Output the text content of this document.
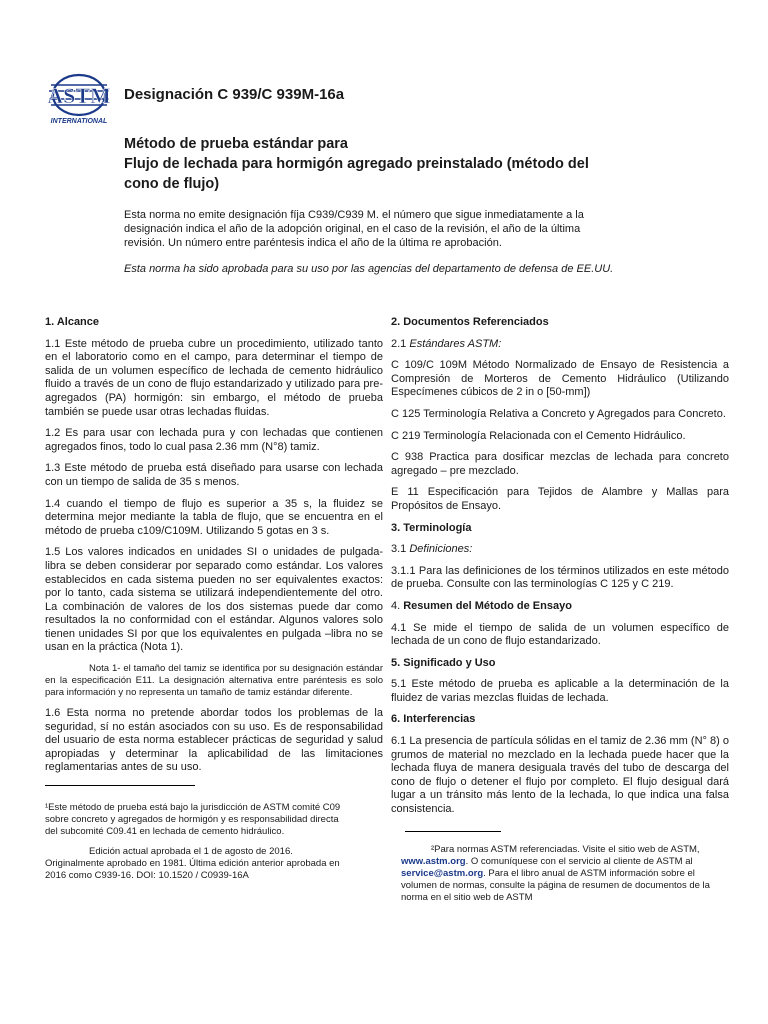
ASTM
INTERNATIONAL
Designación C 939/C 939M-16a
Método de prueba estándar para
Flujo de lechada para hormigón agregado preinstalado (método del cono de flujo)
Esta norma no emite designación fíja C939/C939 M. el número que sigue inmediatamente a la designación indica el año de la adopción original, en el caso de la revisión, el año de la última revisión. Un número entre paréntesis indica el año de la última re aprobación.
Esta norma ha sido aprobada para su uso por las agencias del departamento de defensa de EE.UU.
1. Alcance

1.1 Este método de prueba cubre un procedimiento, utilizado tanto en el laboratorio como en el campo, para determinar el tiempo de salida de un volumen específico de lechada de cemento hidráulico fluido a través de un cono de flujo estandarizado y utilizado para pre-agregados (PA) hormigón: sin embargo, el método de prueba también se puede usar otras lechadas fluidas.

1.2 Es para usar con lechada pura y con lechadas que contienen agregados finos, todo lo cual pasa 2.36 mm (N°8) tamiz.

1.3 Este método de prueba está diseñado para usarse con lechada con un tiempo de salida de 35 s menos.

1.4 cuando el tiempo de flujo es superior a 35 s, la fluidez se determina mejor mediante la tabla de flujo, que se encuentra en el método de prueba c109/C109M. Utilizando 5 gotas en 3 s.

1.5 Los valores indicados en unidades SI o unidades de pulgada-libra se deben considerar por separado como estándar. Los valores establecidos en cada sistema pueden no ser equivalentes exactos: por lo tanto, cada sistema se utilizará independientemente del otro. La combinación de valores de los dos sistemas puede dar como resultados la no conformidad con el estándar. Algunos valores solo tienen unidades SI por que los equivalentes en pulgada –libra no se usan en la práctica (Nota 1).

Nota 1- el tamaño del tamiz se identifica por su designación estándar en la especificación E11. La designación alternativa entre paréntesis es solo para información y no representa un tamaño de tamiz estándar diferente.

1.6 Esta norma no pretende abordar todos los problemas de la seguridad, sí no están asociados con su uso. Es de responsabilidad del usuario de esta norma establecer prácticas de seguridad y salud apropiadas y determinar la aplicabilidad de las limitaciones reglamentarias antes de su uso.

¹Este método de prueba está bajo la jurisdicción de ASTM comité C09 sobre concreto y agregados de hormigón y es responsabilidad directa del subcomité C09.41 en lechada de cemento hidráulico.
Edición actual aprobada el 1 de agosto de 2016. Originalmente aprobado en 1981. Última edición anterior aprobada en 2016 como C939-16. DOI: 10.1520 / C0939-16A
2. Documentos Referenciados

2.1 Estándares ASTM:

C 109/C 109M Método Normalizado de Ensayo de Resistencia a Compresión de Morteros de Cemento Hidráulico (Utilizando Especímenes cúbicos de 2 in o [50-mm])

C 125 Terminología Relativa a Concreto y Agregados para Concreto.

C 219 Terminología Relacionada con el Cemento Hidráulico.

C 938 Practica para dosificar mezclas de lechada para concreto agregado – pre mezclado.

E 11 Especificación para Tejidos de Alambre y Mallas para Propósitos de Ensayo.

3. Terminología

3.1 Definiciones:

3.1.1 Para las definiciones de los términos utilizados en este método de prueba. Consulte con las terminologías C 125 y C 219.

4. Resumen del Método de Ensayo

4.1 Se mide el tiempo de salida de un volumen específico de lechada de un cono de flujo estandarizado.

5. Significado y Uso

5.1 Este método de prueba es aplicable a la determinación de la fluidez de varias mezclas fluidas de lechada.

6. Interferencias

6.1 La presencia de partícula sólidas en el tamiz de 2.36 mm (N° 8) o grumos de material no mezclado en la lechada puede hacer que la lechada fluya de manera desiguala través del tubo de descarga del cono de flujo o detener el flujo por completo. El flujo desigual dará lugar a un tránsito más lento de la lechada, lo que indica una falsa consistencia.

²Para normas ASTM referenciadas. Visite el sitio web de ASTM,
www.astm.org. O comuníquese con el servicio al cliente de ASTM al service@astm.org. Para el libro anual de ASTM información sobre el volumen de normas, consulte la página de resumen de documentos de la norma en el sitio web de ASTM
